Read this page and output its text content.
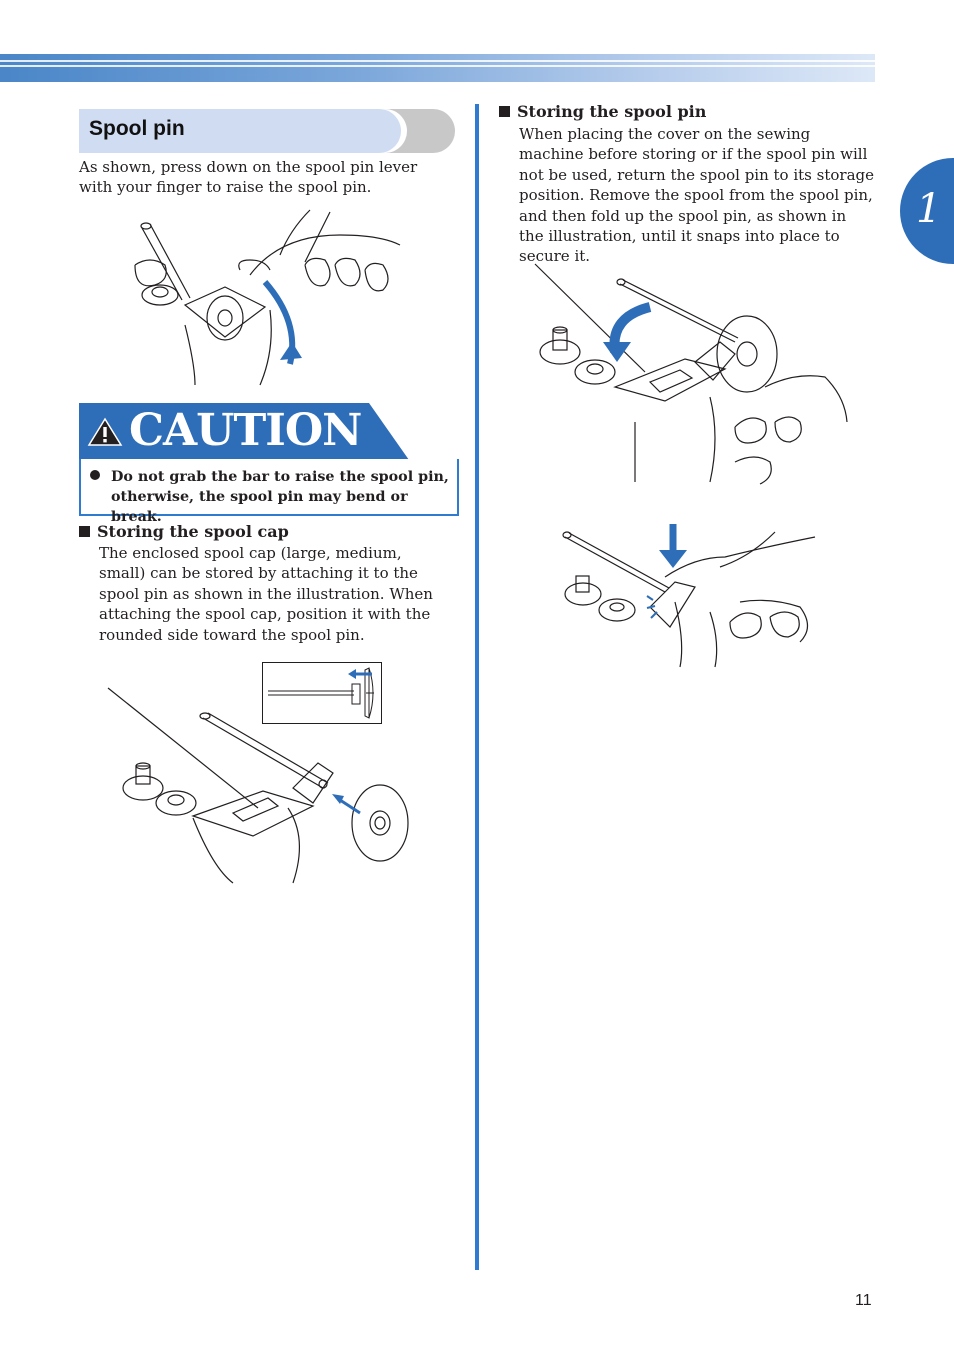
1
Spool pin

As shown, press down on the spool pin lever with your finger to raise the spool pin.

CAUTION

Do not grab the bar to raise the spool pin, otherwise, the spool pin may bend or break.

Storing the spool cap

The enclosed spool cap (large, medium, small) can be stored by attaching it to the spool pin as shown in the illustration. When attaching the spool cap, position it with the rounded side toward the spool pin.

Storing the spool pin

When placing the cover on the sewing machine before storing or if the spool pin will not be used, return the spool pin to its storage position. Remove the spool from the spool pin, and then fold up the spool pin, as shown in the illustration, until it snaps into place to secure it.

11
